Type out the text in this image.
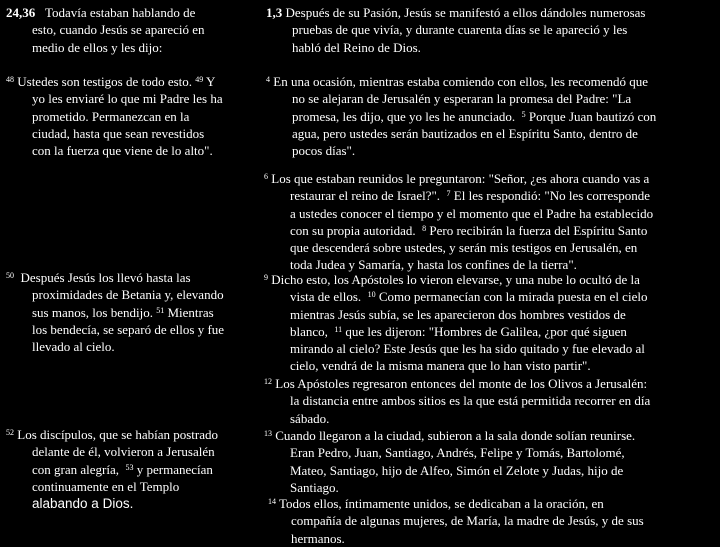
24,36 Todavía estaban hablando de
esto, cuando Jesús se apareció en
medio de ellos y les dijo:
$^{48}$ Ustedes son testigos de todo esto. $^{49}$ Y
yo les enviaré lo que mi Padre les ha
prometido. Permanezcan en la
ciudad, hasta que sean revestidos
con la fuerza que viene de lo alto".
$^{50}$ Después Jesús los llevó hasta las
proximidades de Betania y, elevando
sus manos, los bendijo. $^{51}$ Mientras
los bendecía, se separó de ellos y fue
llevado al cielo.
$^{52}$ Los discípulos, que se habían postrado
delante de él, volvieron a Jerusalén
con gran alegría, $^{53}$ y permanecían
continuamente en el Templo
alabando a Dios.
1,3 Después de su Pasión, Jesús se manifestó a ellos dándoles numerosas
pruebas de que vivía, y durante cuarenta días se le apareció y les
habló del Reino de Dios.
$^4$ En una ocasión, mientras estaba comiendo con ellos, les recomendó que
no se alejaran de Jerusalén y esperaran la promesa del Padre: "La
promesa, les dijo, que yo les he anunciado. $^5$ Porque Juan bautizó con
agua, pero ustedes serán bautizados en el Espíritu Santo, dentro de
pocos días".
$^6$ Los que estaban reunidos le preguntaron: "Señor, ¿es ahora cuando vas a
restaurar el reino de Israel?". $^7$ El les respondió: "No les corresponde
a ustedes conocer el tiempo y el momento que el Padre ha establecido
con su propia autoridad. $^8$ Pero recibirán la fuerza del Espíritu Santo
que descenderá sobre ustedes, y serán mis testigos en Jerusalén, en
toda Judea y Samaría, y hasta los confines de la tierra".
$^9$ Dicho esto, los Apóstoles lo vieron elevarse, y una nube lo ocultó de la
vista de ellos. $^{10}$ Como permanecían con la mirada puesta en el cielo
mientras Jesús subía, se les aparecieron dos hombres vestidos de
blanco, $^{11}$ que les dijeron: "Hombres de Galilea, ¿por qué siguen
mirando al cielo? Este Jesús que les ha sido quitado y fue elevado al
cielo, vendrá de la misma manera que lo han visto partir".
$^{12}$ Los Apóstoles regresaron entonces del monte de los Olivos a Jerusalén:
la distancia entre ambos sitios es la que está permitida recorrer en día
sábado.
$^{13}$ Cuando llegaron a la ciudad, subieron a la sala donde solían reunirse.
Eran Pedro, Juan, Santiago, Andrés, Felipe y Tomás, Bartolomé,
Mateo, Santiago, hijo de Alfeo, Simón el Zelote y Judas, hijo de
Santiago.
$^{14}$ Todos ellos, íntimamente unidos, se dedicaban a la oración, en
compañía de algunas mujeres, de María, la madre de Jesús, y de sus
hermanos.
